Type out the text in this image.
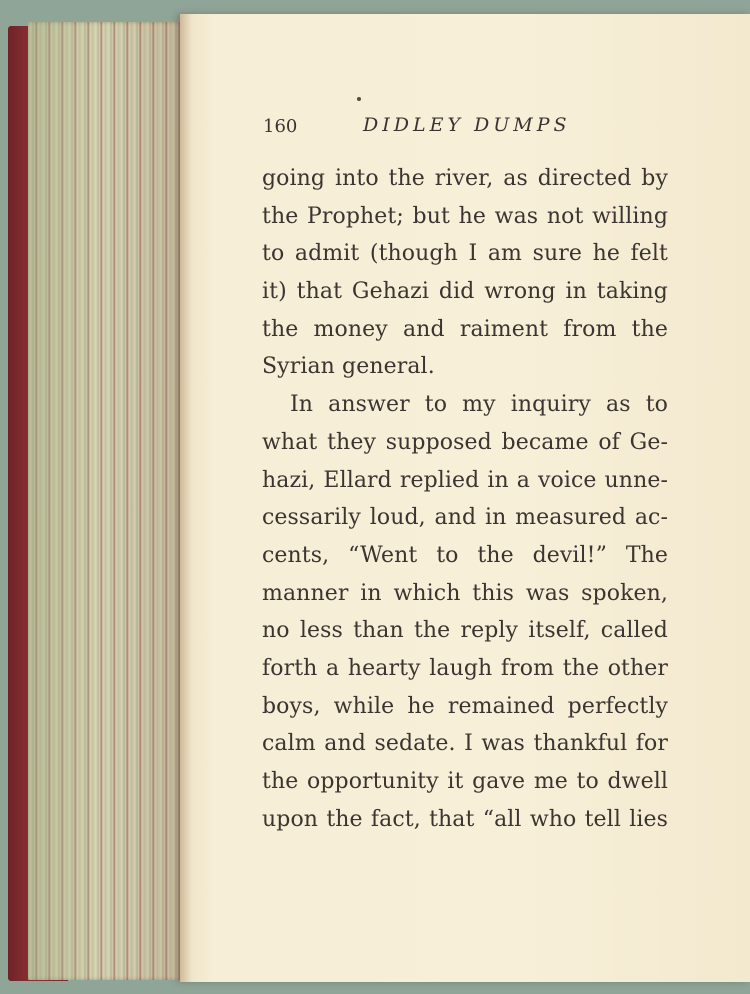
160	DIDLEY DUMPS
going into the river, as directed by
the Prophet; but he was not willing
to admit (though I am sure he felt
it) that Gehazi did wrong in taking
the money and raiment from the
Syrian general.
In answer to my inquiry as to
what they supposed became of Ge-
hazi, Ellard replied in a voice unne-
cessarily loud, and in measured ac-
cents, “Went to the devil!” The
manner in which this was spoken,
no less than the reply itself, called
forth a hearty laugh from the other
boys, while he remained perfectly
calm and sedate. I was thankful for
the opportunity it gave me to dwell
upon the fact, that “all who tell lies
